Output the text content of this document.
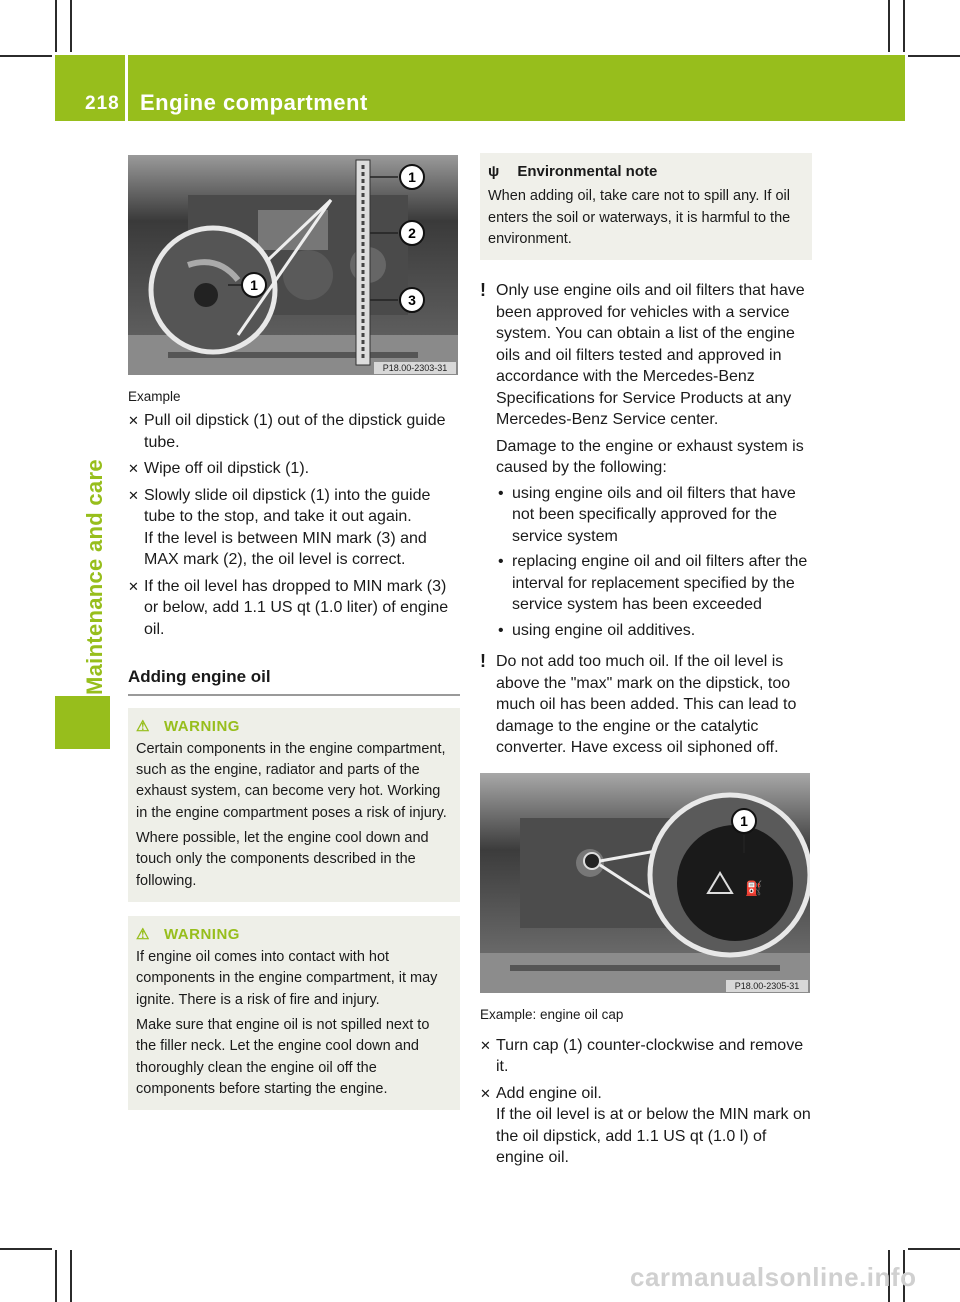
218 Engine compartment
Maintenance and care
1
2
3
1
P18.00-2303-31
Example
✕ Pull oil dipstick (1) out of the dipstick guide tube.

✕ Wipe off oil dipstick (1).

✕ Slowly slide oil dipstick (1) into the guide tube to the stop, and take it out again.

If the level is between MIN mark (3) and MAX mark (2), the oil level is correct.

✕ If the oil level has dropped to MIN mark (3) or below, add 1.1 US qt (1.0 liter) of engine oil.

Adding engine oil
⚠ WARNING

Certain components in the engine compartment, such as the engine, radiator and parts of the exhaust system, can become very hot. Working in the engine compartment poses a risk of injury.

Where possible, let the engine cool down and touch only the components described in the following.

⚠ WARNING

If engine oil comes into contact with hot components in the engine compartment, it may ignite. There is a risk of fire and injury.

Make sure that engine oil is not spilled next to the filler neck. Let the engine cool down and thoroughly clean the engine oil off the components before starting the engine.

ψ Environmental note

When adding oil, take care not to spill any. If oil enters the soil or waterways, it is harmful to the environment.

! Only use engine oils and oil filters that have been approved for vehicles with a service system. You can obtain a list of the engine oils and oil filters tested and approved in accordance with the Mercedes-Benz Specifications for Service Products at any Mercedes-Benz Service center.

Damage to the engine or exhaust system is caused by the following:

• using engine oils and oil filters that have not been specifically approved for the service system
• replacing engine oil and oil filters after the interval for replacement specified by the service system has been exceeded
• using engine oil additives.
! Do not add too much oil. If the oil level is above the "max" mark on the dipstick, too much oil has been added. This can lead to damage to the engine or the catalytic converter. Have excess oil siphoned off.

⛽
1
P18.00-2305-31
Example: engine oil cap
✕ Turn cap (1) counter-clockwise and remove it.

✕ Add engine oil.

If the oil level is at or below the MIN mark on the oil dipstick, add 1.1 US qt (1.0 l) of engine oil.

carmanualsonline.info
